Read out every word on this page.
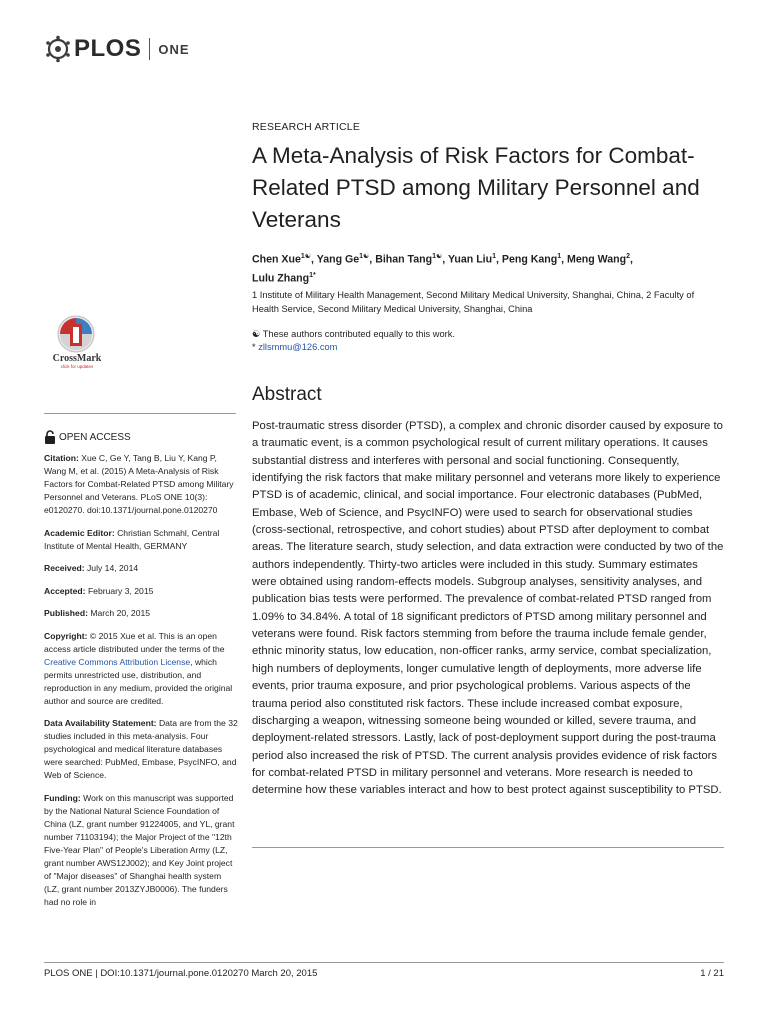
PLOS ONE
RESEARCH ARTICLE
A Meta-Analysis of Risk Factors for Combat-Related PTSD among Military Personnel and Veterans
Chen Xue$^{1☯}$, Yang $Ge^{1☯}$, Bihan Tang$^{1☯}$, Yuan Liu$^1$, Peng Kang$^1$, Meng Wang$^2$,
Lulu Zhang$^{1*}$
1 Institute of Military Health Management, Second Military Medical University, Shanghai, China, 2 Faculty of Health Service, Second Military Medical University, Shanghai, China
☯ These authors contributed equally to this work.
* zllsmmu@126.com
CrossMark
click for updates
OPEN ACCESS

Citation: Xue C, Ge Y, Tang B, Liu Y, Kang P, Wang M, et al. (2015) A Meta-Analysis of Risk Factors for Combat-Related PTSD among Military Personnel and Veterans. PLoS ONE 10(3): e0120270. doi:10.1371/journal.pone.0120270

Academic Editor: Christian Schmahl, Central Institute of Mental Health, GERMANY

Received: July 14, 2014

Accepted: February 3, 2015

Published: March 20, 2015

Copyright: © 2015 Xue et al. This is an open access article distributed under the terms of the Creative Commons Attribution License, which permits unrestricted use, distribution, and reproduction in any medium, provided the original author and source are credited.

Data Availability Statement: Data are from the 32 studies included in this meta-analysis. Four psychological and medical literature databases were searched: PubMed, Embase, PsycINFO, and Web of Science.

Funding: Work on this manuscript was supported by the National Natural Science Foundation of China (LZ, grant number 91224005, and YL, grant number 71103194); the Major Project of the "12th Five-Year Plan" of People's Liberation Army (LZ, grant number AWS12J002); and Key Joint project of "Major diseases" of Shanghai health system (LZ, grant number 2013ZYJB0006). The funders had no role in

Abstract
Post-traumatic stress disorder (PTSD), a complex and chronic disorder caused by exposure to a traumatic event, is a common psychological result of current military operations. It causes substantial distress and interferes with personal and social functioning. Consequently, identifying the risk factors that make military personnel and veterans more likely to experience PTSD is of academic, clinical, and social importance. Four electronic databases (PubMed, Embase, Web of Science, and PsycINFO) were used to search for observational studies (cross-sectional, retrospective, and cohort studies) about PTSD after deployment to combat areas. The literature search, study selection, and data extraction were conducted by two of the authors independently. Thirty-two articles were included in this study. Summary estimates were obtained using random-effects models. Subgroup analyses, sensitivity analyses, and publication bias tests were performed. The prevalence of combat-related PTSD ranged from 1.09% to 34.84%. A total of 18 significant predictors of PTSD among military personnel and veterans were found. Risk factors stemming from before the trauma include female gender, ethnic minority status, low education, non-officer ranks, army service, combat specialization, high numbers of deployments, longer cumulative length of deployments, more adverse life events, prior trauma exposure, and prior psychological problems. Various aspects of the trauma period also constituted risk factors. These include increased combat exposure, discharging a weapon, witnessing someone being wounded or killed, severe trauma, and deployment-related stressors. Lastly, lack of post-deployment support during the post-trauma period also increased the risk of PTSD. The current analysis provides evidence of risk factors for combat-related PTSD in military personnel and veterans. More research is needed to determine how these variables interact and how to best protect against susceptibility to PTSD.
PLOS ONE | DOI:10.1371/journal.pone.0120270 March 20, 2015	1 / 21
